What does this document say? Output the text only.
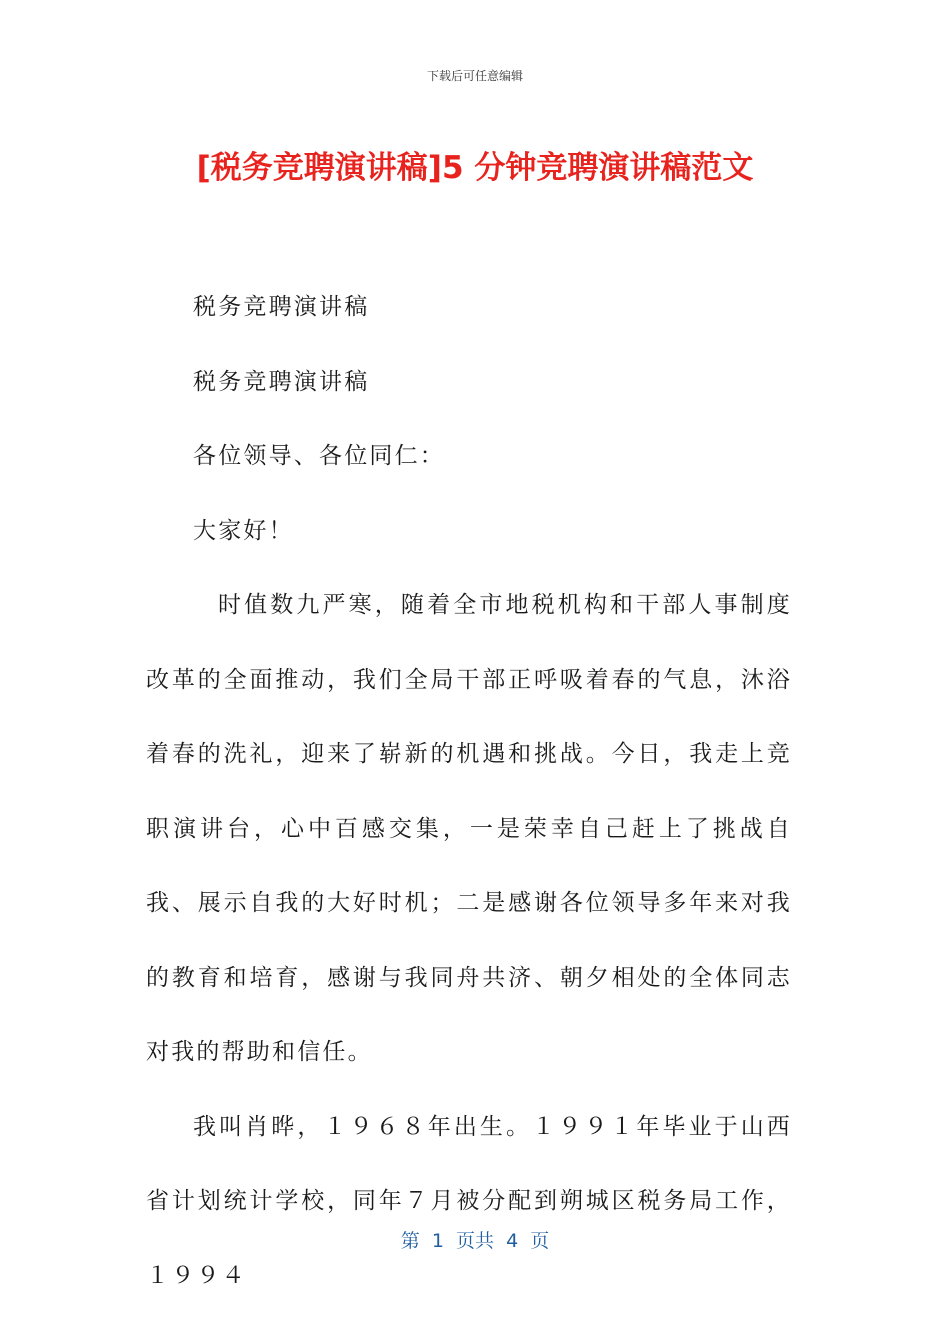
下载后可任意编辑
[税务竞聘演讲稿]5 分钟竞聘演讲稿范文

税务竞聘演讲稿

税务竞聘演讲稿

各位领导、各位同仁：

大家好！

时值数九严寒，随着全市地税机构和干部人事制度改革的全面推动，我们全局干部正呼吸着春的气息，沐浴着春的洗礼，迎来了崭新的机遇和挑战。今日，我走上竞职演讲台，心中百感交集，一是荣幸自己赶上了挑战自我、展示自我的大好时机；二是感谢各位领导多年来对我的教育和培育，感谢与我同舟共济、朝夕相处的全体同志对我的帮助和信任。

我叫肖晔，１９６８年出生。１９９１年毕业于山西省计划统计学校，同年７月被分配到朔城区税务局工作，１９９４

第  1  页共  4  页
